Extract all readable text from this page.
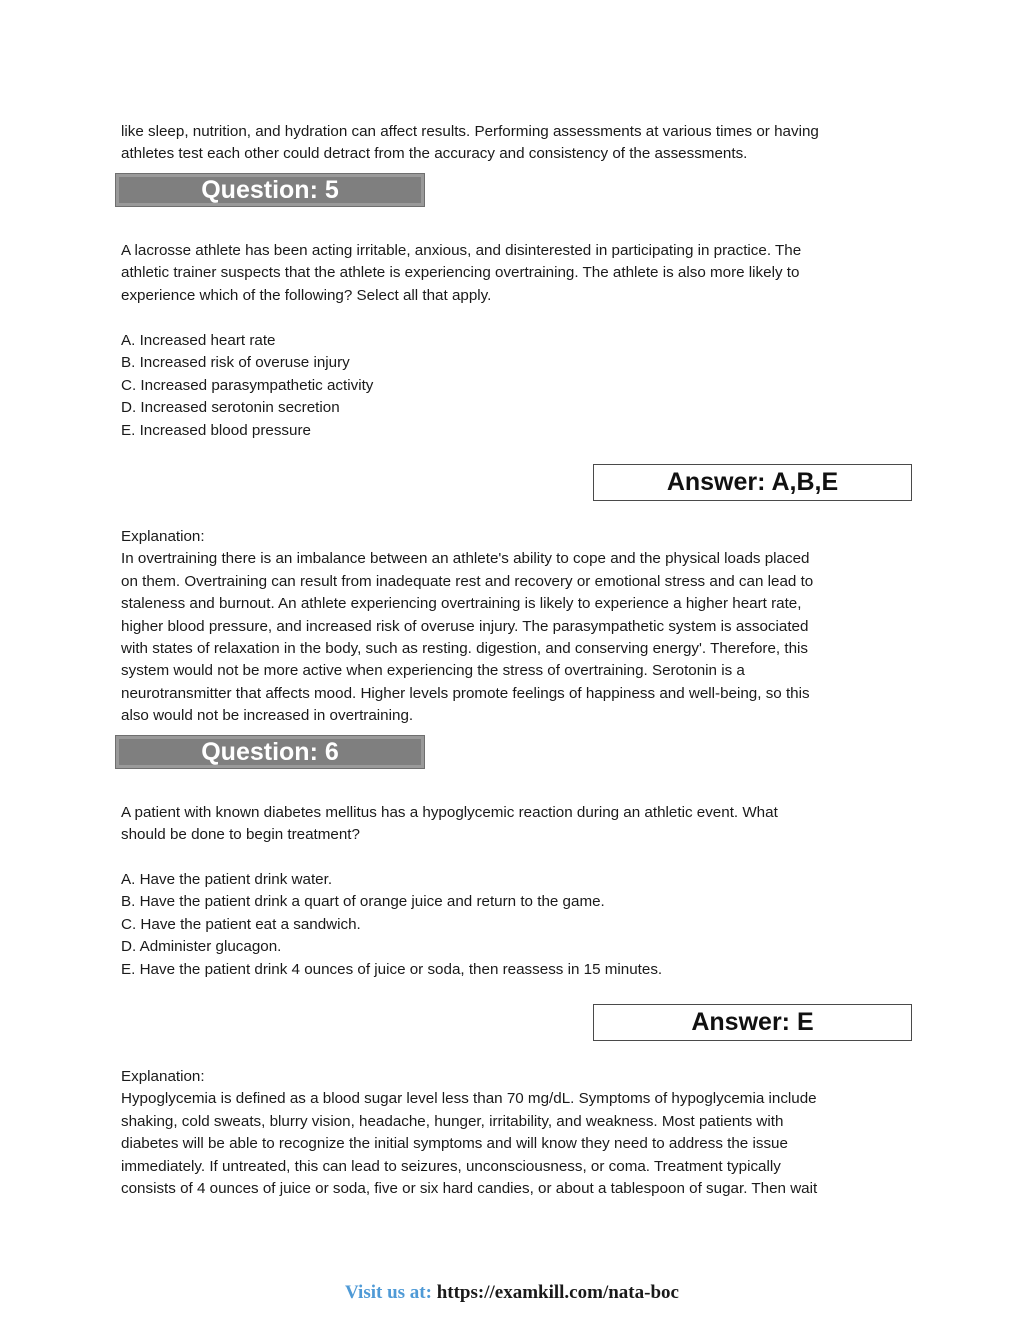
like sleep, nutrition, and hydration can affect results. Performing assessments at various times or having

athletes test each other could detract from the accuracy and consistency of the assessments.

Question: 5

A lacrosse athlete has been acting irritable, anxious, and disinterested in participating in practice. The

athletic trainer suspects that the athlete is experiencing overtraining. The athlete is also more likely to

experience which of the following? Select all that apply.

A. Increased heart rate

B. Increased risk of overuse injury

C. Increased parasympathetic activity

D. Increased serotonin secretion

E. Increased blood pressure

Answer: A,B,E

Explanation:

In overtraining there is an imbalance between an athlete's ability to cope and the physical loads placed

on them. Overtraining can result from inadequate rest and recovery or emotional stress and can lead to

staleness and burnout. An athlete experiencing overtraining is likely to experience a higher heart rate,

higher blood pressure, and increased risk of overuse injury. The parasympathetic system is associated

with states of relaxation in the body, such as resting. digestion, and conserving energy'. Therefore, this

system would not be more active when experiencing the stress of overtraining. Serotonin is a

neurotransmitter that affects mood. Higher levels promote feelings of happiness and well-being, so this

also would not be increased in overtraining.

Question: 6

A patient with known diabetes mellitus has a hypoglycemic reaction during an athletic event. What

should be done to begin treatment?

A. Have the patient drink water.

B. Have the patient drink a quart of orange juice and return to the game.

C. Have the patient eat a sandwich.

D. Administer glucagon.

E. Have the patient drink 4 ounces of juice or soda, then reassess in 15 minutes.

Answer: E

Explanation:

Hypoglycemia is defined as a blood sugar level less than 70 mg/dL. Symptoms of hypoglycemia include

shaking, cold sweats, blurry vision, headache, hunger, irritability, and weakness. Most patients with

diabetes will be able to recognize the initial symptoms and will know they need to address the issue

immediately. If untreated, this can lead to seizures, unconsciousness, or coma. Treatment typically

consists of 4 ounces of juice or soda, five or six hard candies, or about a tablespoon of sugar. Then wait

Visit us at: https://examkill.com/nata-boc
